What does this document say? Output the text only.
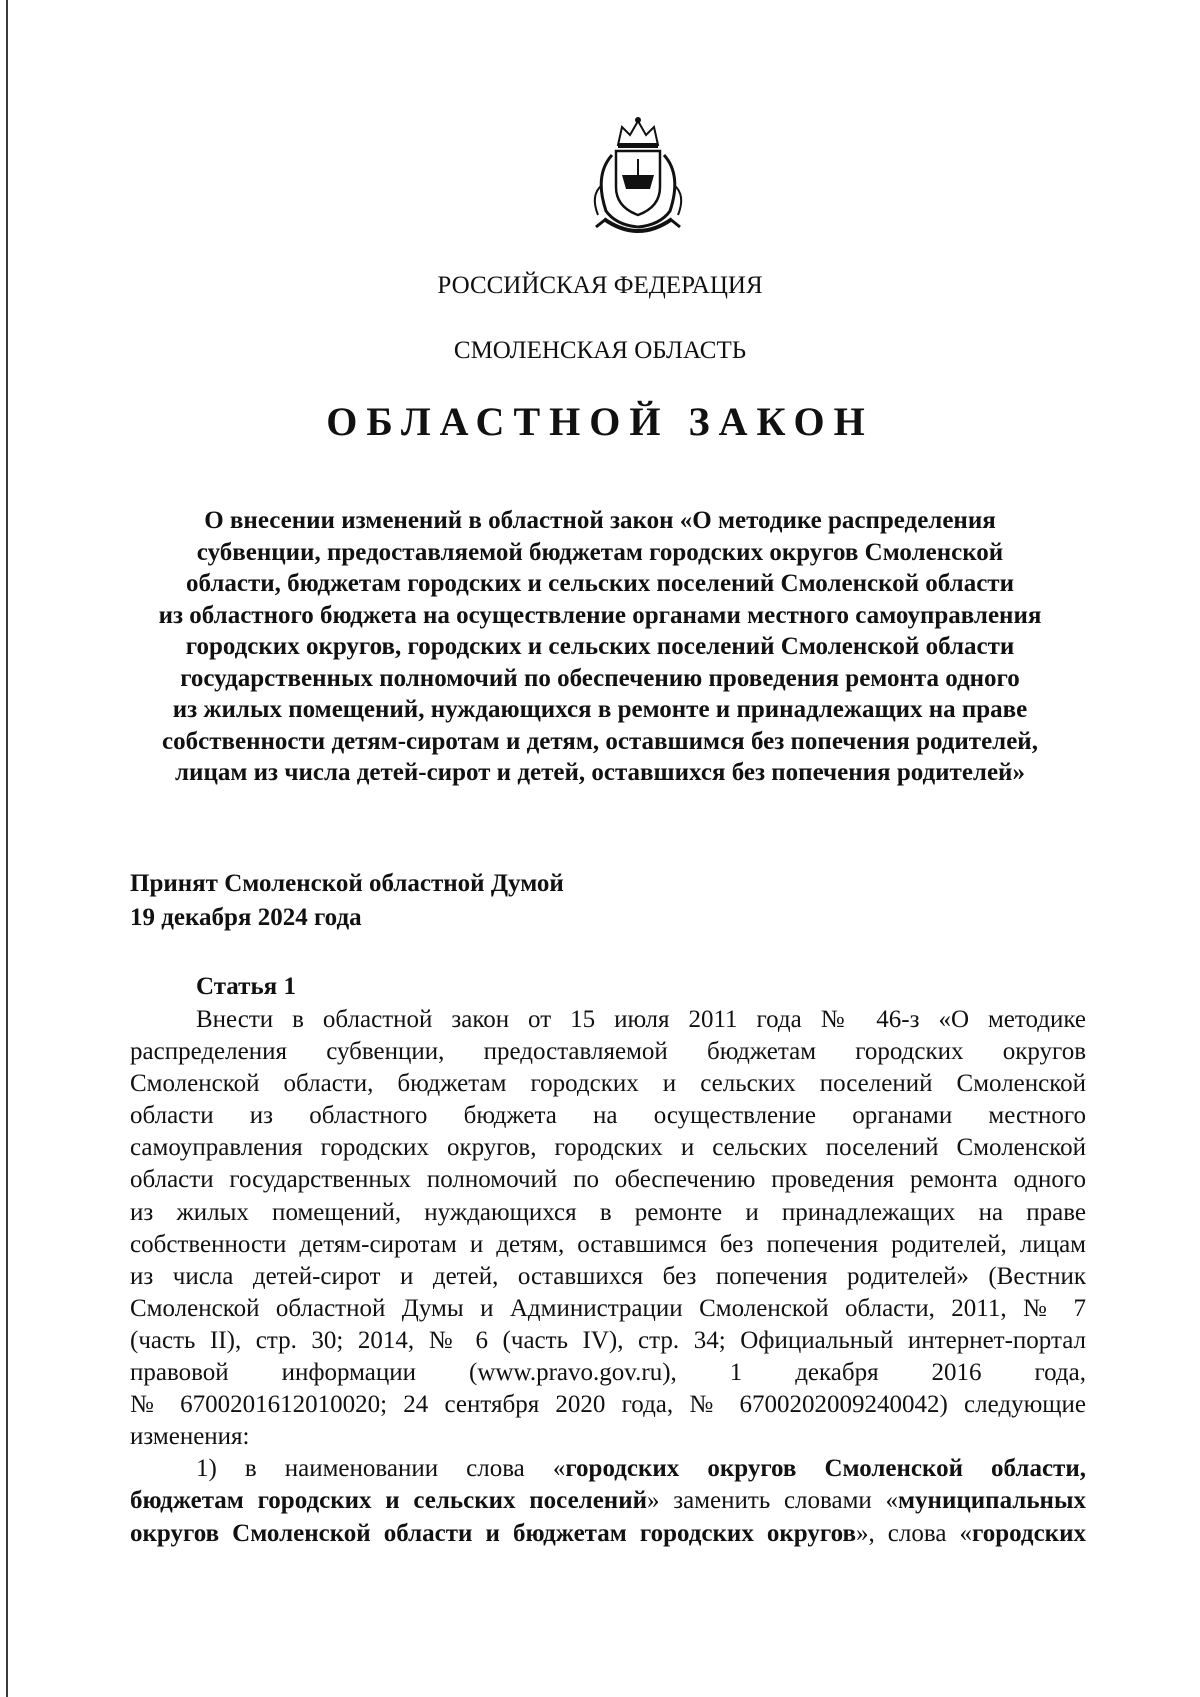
РОССИЙСКАЯ ФЕДЕРАЦИЯ
СМОЛЕНСКАЯ ОБЛАСТЬ
ОБЛАСТНОЙ ЗАКОН

О внесении изменений в областной закон «О методике распределения

субвенции, предоставляемой бюджетам городских округов Смоленской

области, бюджетам городских и сельских поселений Смоленской области

из областного бюджета на осуществление органами местного самоуправления

городских округов, городских и сельских поселений Смоленской области

государственных полномочий по обеспечению проведения ремонта одного

из жилых помещений, нуждающихся в ремонте и принадлежащих на праве

собственности детям-сиротам и детям, оставшимся без попечения родителей,

лицам из числа детей-сирот и детей, оставшихся без попечения родителей»

Принят Смоленской областной Думой

19 декабря 2024 года

Статья 1
Внести в областной закон от 15 июля 2011 года № 46-з «О методике
распределения субвенции, предоставляемой бюджетам городских округов
Смоленской области, бюджетам городских и сельских поселений Смоленской
области из областного бюджета на осуществление органами местного
самоуправления городских округов, городских и сельских поселений Смоленской
области государственных полномочий по обеспечению проведения ремонта одного
из жилых помещений, нуждающихся в ремонте и принадлежащих на праве
собственности детям-сиротам и детям, оставшимся без попечения родителей, лицам
из числа детей-сирот и детей, оставшихся без попечения родителей» (Вестник
Смоленской областной Думы и Администрации Смоленской области, 2011, № 7
(часть II), стр. 30; 2014, № 6 (часть IV), стр. 34; Официальный интернет-портал
правовой информации (www.pravo.gov.ru), 1 декабря 2016 года,
№ 6700201612010020; 24 сентября 2020 года, № 6700202009240042) следующие
изменения:
1) в наименовании слова «городских округов Смоленской области,
бюджетам городских и сельских поселений» заменить словами «муниципальных
округов Смоленской области и бюджетам городских округов», слова «городских
